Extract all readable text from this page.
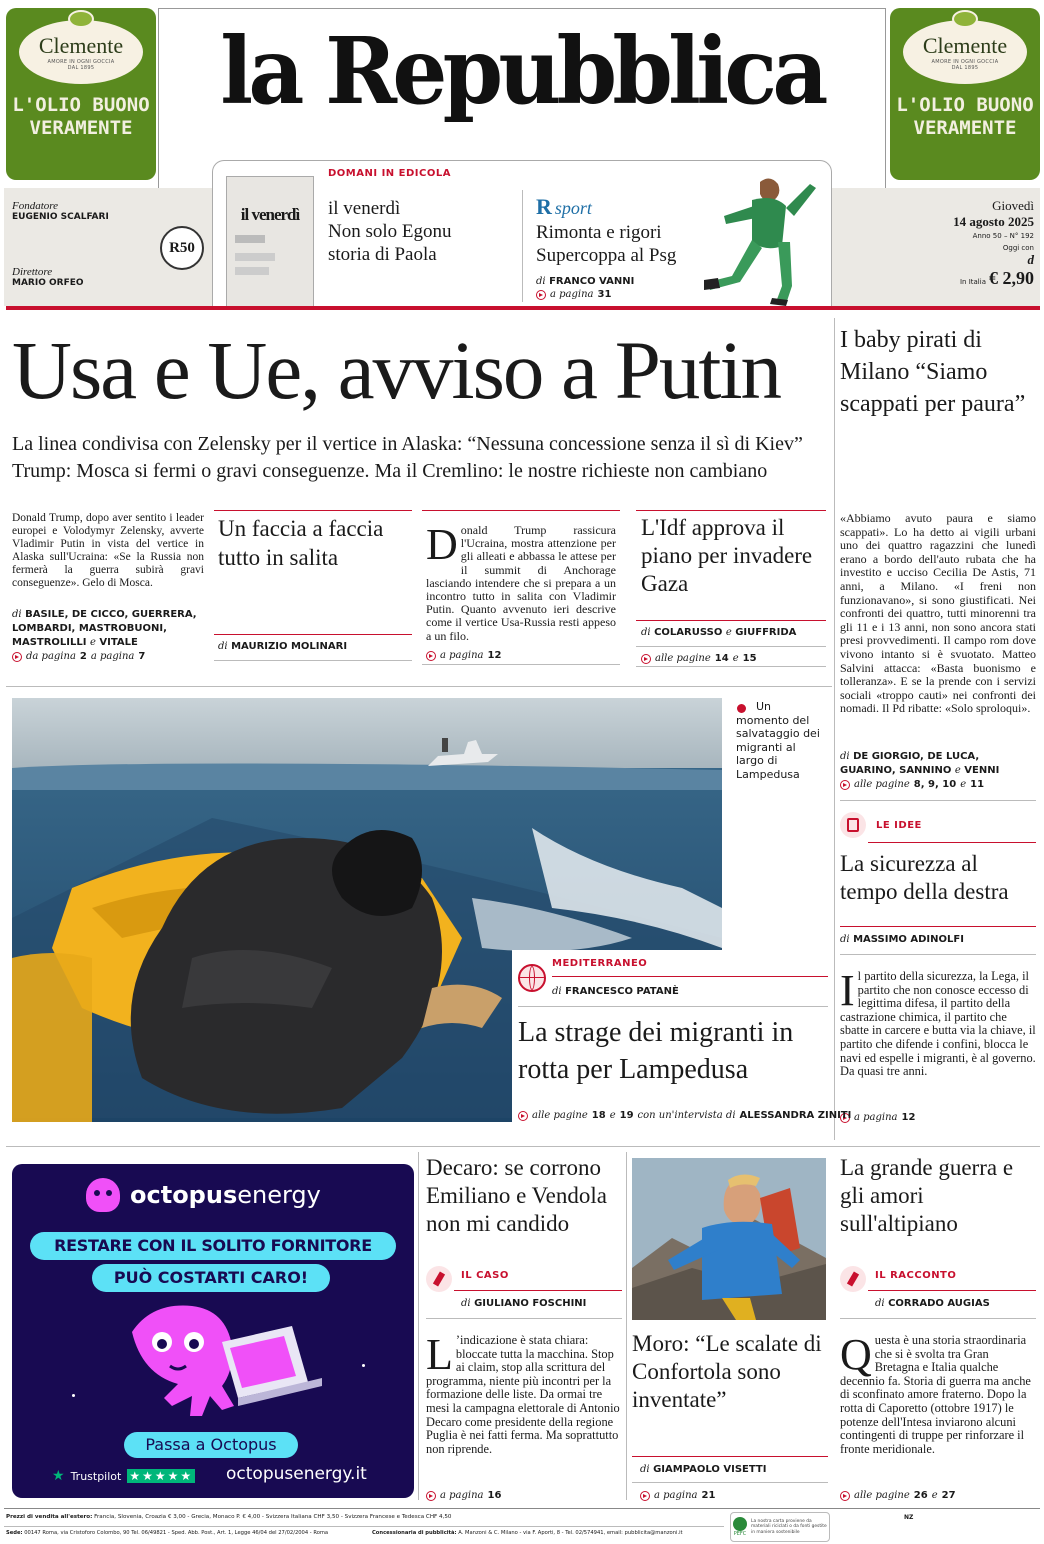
Clemente
AMORE IN OGNI GOCCIA
DAL 1895
L'OLIO BUONO
VERAMENTE
Clemente
AMORE IN OGNI GOCCIA
DAL 1895
L'OLIO BUONO
VERAMENTE
la Repubblica
Fondatore
EUGENIO SCALFARI
Direttore
MARIO ORFEO
R50
Giovedì
14 agosto 2025
Anno 50 – N° 192
Oggi con
d
In Italia € 2,90
il venerdì
DOMANI IN EDICOLA
il venerdì
Non solo Egonu
storia di Paola
R sport
Rimonta e rigori
Supercoppa al Psg
di FRANCO VANNI
a pagina 31
Usa e Ue, avviso a Putin
La linea condivisa con Zelensky per il vertice in Alaska: “Nessuna concessione senza il sì di Kiev”
Trump: Mosca si fermi o gravi conseguenze. Ma il Cremlino: le nostre richieste non cambiano
Donald Trump, dopo aver sentito i leader europei e Volodymyr Zelensky, avverte Vladimir Putin in vista del vertice in Alaska sull'Ucraina: «Se la Russia non fermerà la guerra subirà gravi conseguenze». Gelo di Mosca.
di BASILE, DE CICCO, GUERRERA,
LOMBARDI, MASTROBUONI,
MASTROLILLI e VITALE
da pagina 2 a pagina 7
Un faccia a faccia tutto in salita
di MAURIZIO MOLINARI
Donald Trump rassicura l'Ucraina, mostra attenzione per gli alleati e abbassa le attese per il summit di Anchorage lasciando intendere che si prepara a un incontro tutto in salita con Vladimir Putin. Quanto avvenuto ieri descrive come il vertice Usa-Russia resti appeso a un filo.
a pagina 12
L'Idf approva il piano per invadere Gaza
di COLARUSSO e GIUFFRIDA
alle pagine 14 e 15
I baby pirati di Milano “Siamo scappati per paura”
«Abbiamo avuto paura e siamo scappati». Lo ha detto ai vigili urbani uno dei quattro ragazzini che lunedì erano a bordo dell'auto rubata che ha investito e ucciso Cecilia De Astis, 71 anni, a Milano. «I freni non funzionavano», si sono giustificati. Nei confronti dei quattro, tutti minorenni tra gli 11 e i 13 anni, non sono ancora stati presi provvedimenti. Il campo rom dove vivono intanto si è svuotato. Matteo Salvini attacca: «Basta buonismo e tolleranza». E se la prende con i servizi sociali «troppo cauti» nei confronti dei nomadi. Il Pd ribatte: «Solo sproloqui».
di DE GIORGIO, DE LUCA,
GUARINO, SANNINO e VENNI
alle pagine 8, 9, 10 e 11
LE IDEE
La sicurezza al tempo della destra
di MASSIMO ADINOLFI
Il partito della sicurezza, la Lega, il partito che non conosce eccesso di legittima difesa, il partito della castrazione chimica, il partito che sbatte in carcere e butta via la chiave, il partito che difende i confini, blocca le navi ed espelle i migranti, è al governo. Da quasi tre anni.
a pagina 12
Un momento del salvataggio dei migranti al largo di Lampedusa
MEDITERRANEO
di FRANCESCO PATANÈ
La strage dei migranti in rotta per Lampedusa
alle pagine 18 e 19 con un'intervista di ALESSANDRA ZINITI
octopusenergy
RESTARE CON IL SOLITO FORNITORE
PUÒ COSTARTI CARO!
Passa a Octopus
★ Trustpilot ★★★★★ octopusenergy.it
Decaro: se corrono Emiliano e Vendola non mi candido
IL CASO
di GIULIANO FOSCHINI
L ’indicazione è stata chiara: bloccate tutta la macchina. Stop ai claim, stop alla scrittura del programma, niente più incontri per la formazione delle liste. Da ormai tre mesi la campagna elettorale di Antonio Decaro come presidente della regione Puglia è nei fatti ferma. Ma soprattutto non riprende.
a pagina 16
Moro: “Le scalate di Confortola sono inventate”
di GIAMPAOLO VISETTI
a pagina 21
La grande guerra e gli amori sull'altipiano
IL RACCONTO
di CORRADO AUGIAS
Questa è una storia straordinaria che si è svolta tra Gran Bretagna e Italia qualche decennio fa. Storia di guerra ma anche di sconfinato amore fraterno. Dopo la rotta di Caporetto (ottobre 1917) le potenze dell'Intesa inviarono alcuni contingenti di truppe per rinforzare il fronte meridionale.
alle pagine 26 e 27
Prezzi di vendita all'estero: Francia, Slovenia, Croazia € 3,00 - Grecia, Monaco P. € 4,00 - Svizzera Italiana CHF 3,50 - Svizzera Francese e Tedesca CHF 4,50
Sede: 00147 Roma, via Cristoforo Colombo, 90 Tel. 06/49821 - Sped. Abb. Post., Art. 1, Legge 46/04 del 27/02/2004 - Roma	Concessionaria di pubblicità: A. Manzoni & C. Milano - via F. Aporti, 8 - Tel. 02/574941, email: pubblicita@manzoni.it	PEFC
La nostra carta proviene da materiali riciclati o da fonti gestite in maniera sostenibile
NZ
